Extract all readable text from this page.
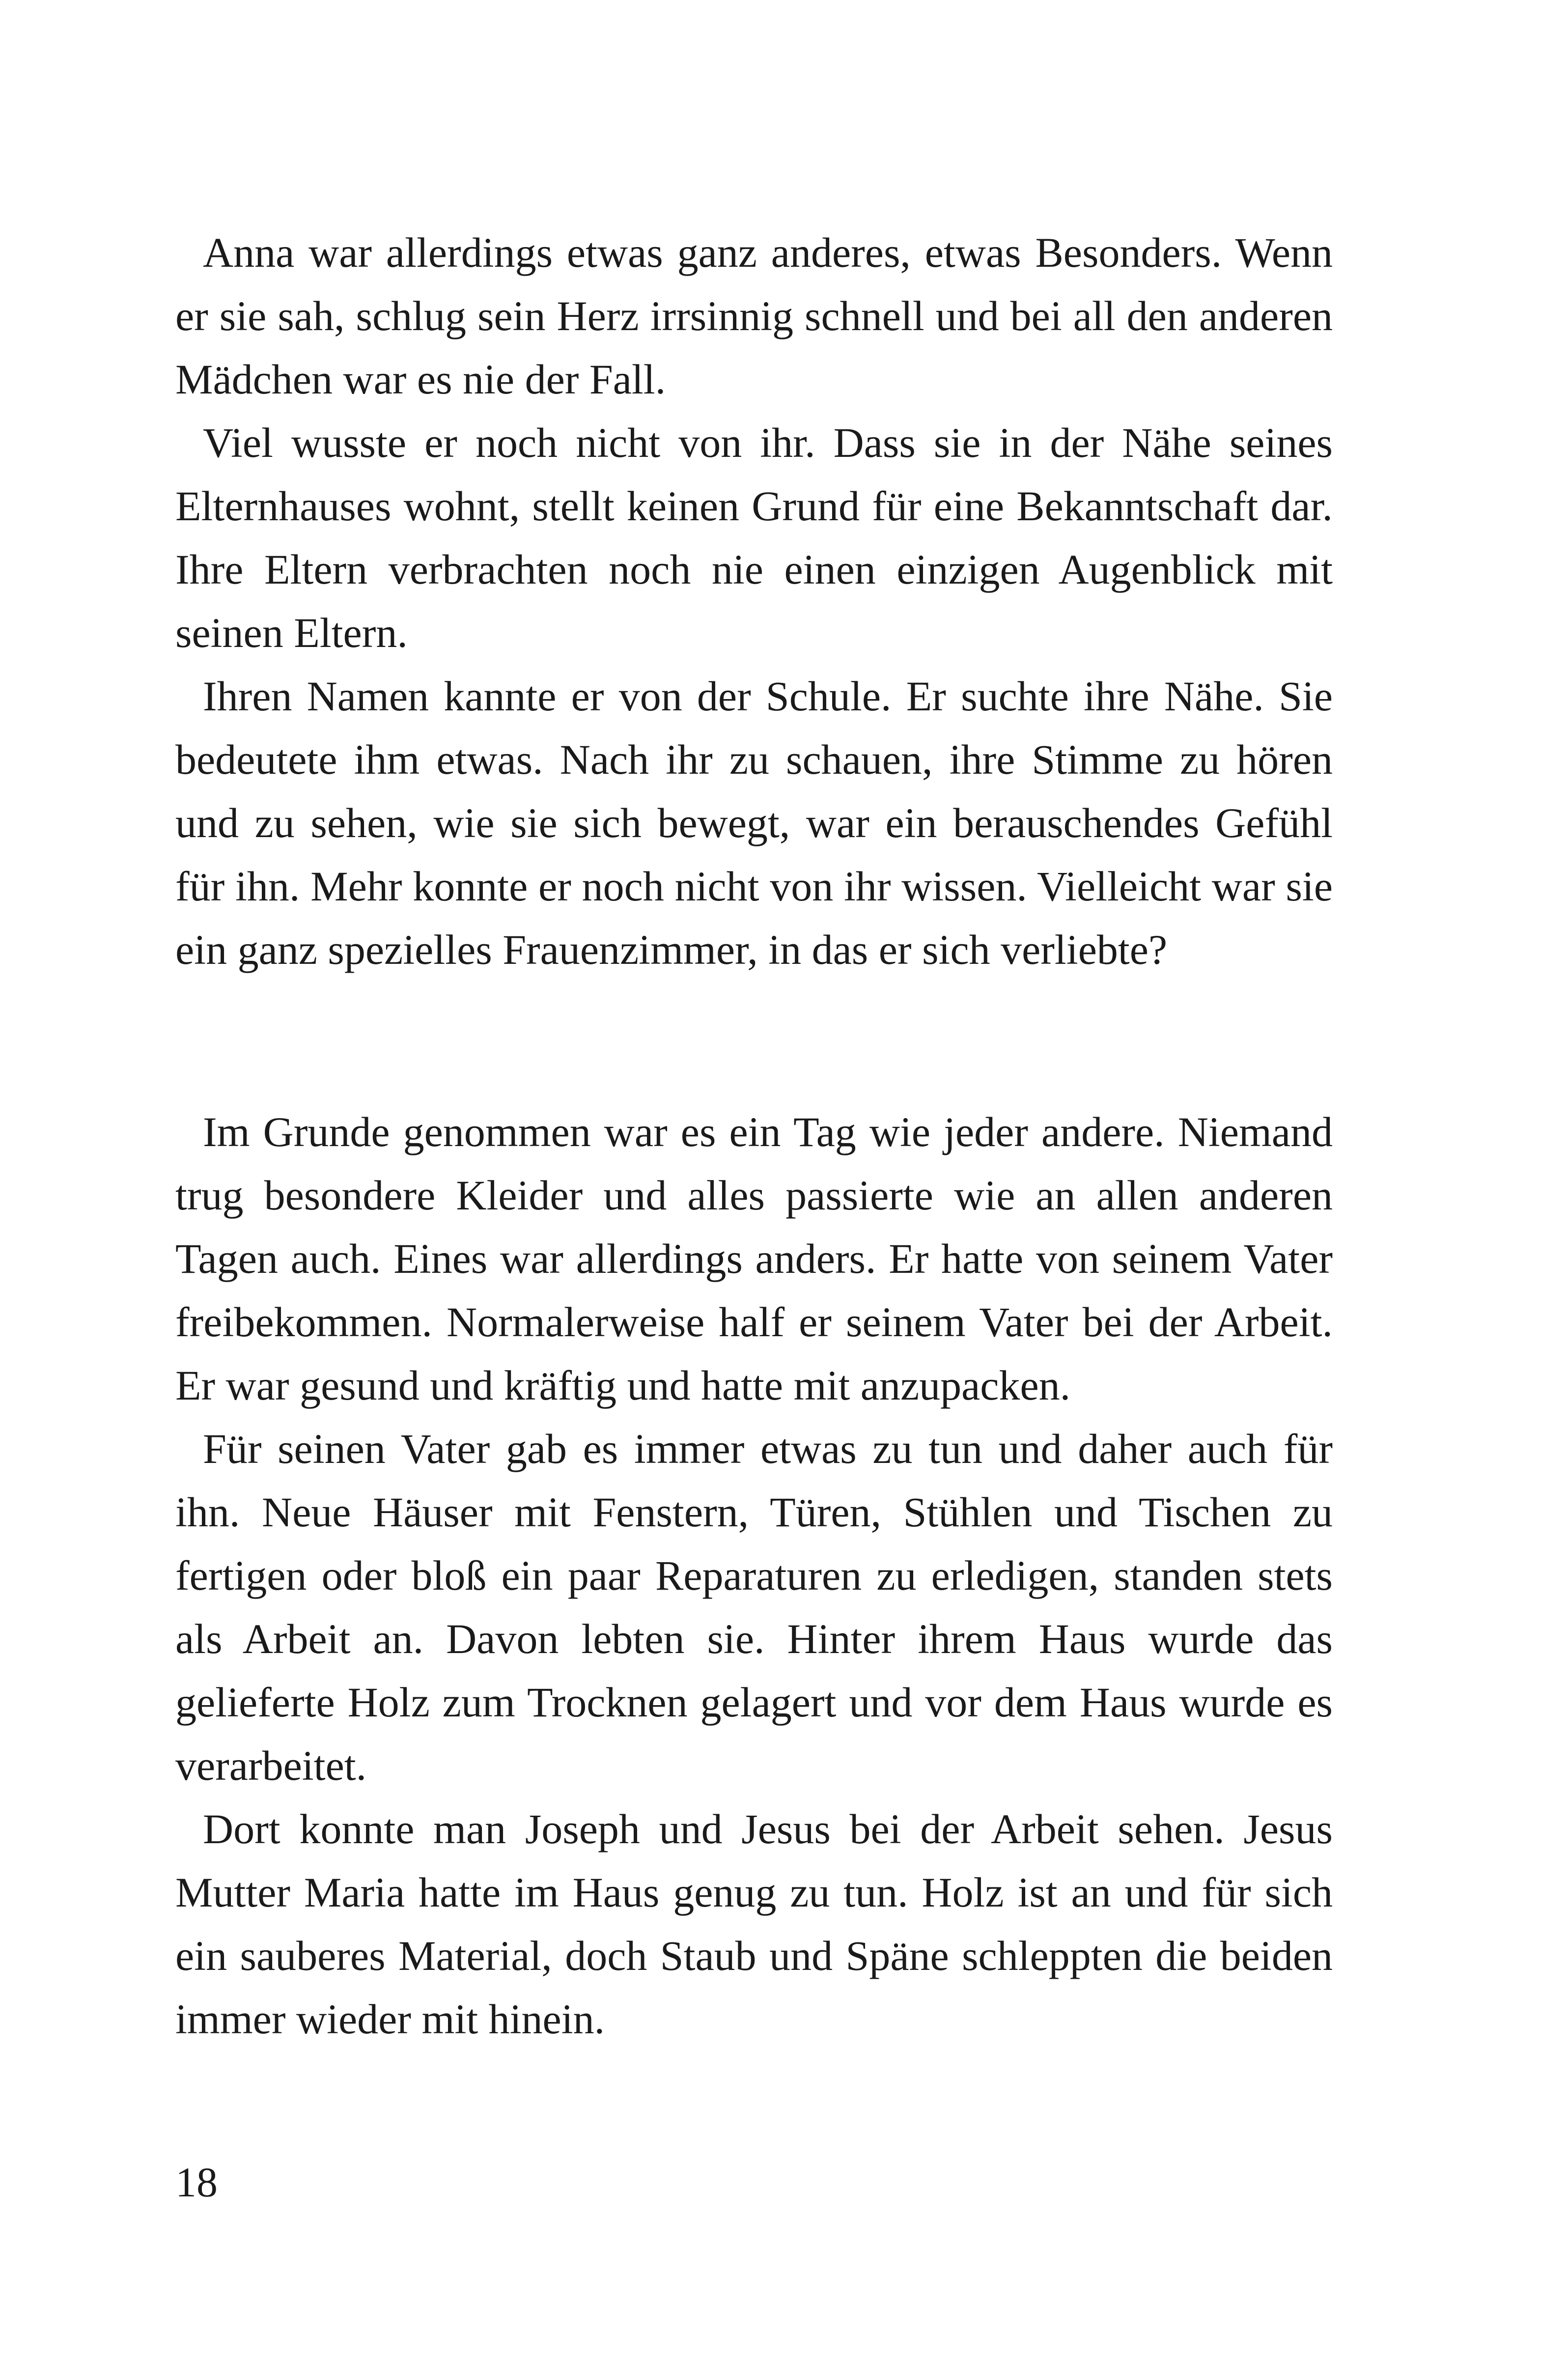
Anna war allerdings etwas ganz anderes, etwas Besonders. Wenn er sie sah, schlug sein Herz irrsinnig schnell und bei all den anderen Mädchen war es nie der Fall.

Viel wusste er noch nicht von ihr. Dass sie in der Nähe seines Elternhauses wohnt, stellt keinen Grund für eine Bekanntschaft dar. Ihre Eltern verbrachten noch nie einen einzigen Augenblick mit seinen Eltern.

Ihren Namen kannte er von der Schule. Er suchte ihre Nähe. Sie bedeutete ihm etwas. Nach ihr zu schauen, ihre Stimme zu hören und zu sehen, wie sie sich bewegt, war ein berauschendes Gefühl für ihn. Mehr konnte er noch nicht von ihr wissen. Vielleicht war sie ein ganz spezielles Frauenzimmer, in das er sich verliebte?

Im Grunde genommen war es ein Tag wie jeder andere. Niemand trug besondere Kleider und alles passierte wie an allen anderen Tagen auch. Eines war allerdings anders. Er hatte von seinem Vater freibekommen. Normalerweise half er seinem Vater bei der Arbeit. Er war gesund und kräftig und hatte mit anzupacken.

Für seinen Vater gab es immer etwas zu tun und daher auch für ihn. Neue Häuser mit Fenstern, Türen, Stühlen und Tischen zu fertigen oder bloß ein paar Reparaturen zu erledigen, standen stets als Arbeit an. Davon lebten sie. Hinter ihrem Haus wurde das gelieferte Holz zum Trocknen gelagert und vor dem Haus wurde es verarbeitet.

Dort konnte man Joseph und Jesus bei der Arbeit sehen. Jesus Mutter Maria hatte im Haus genug zu tun. Holz ist an und für sich ein sauberes Material, doch Staub und Späne schleppten die beiden immer wieder mit hinein.

18
